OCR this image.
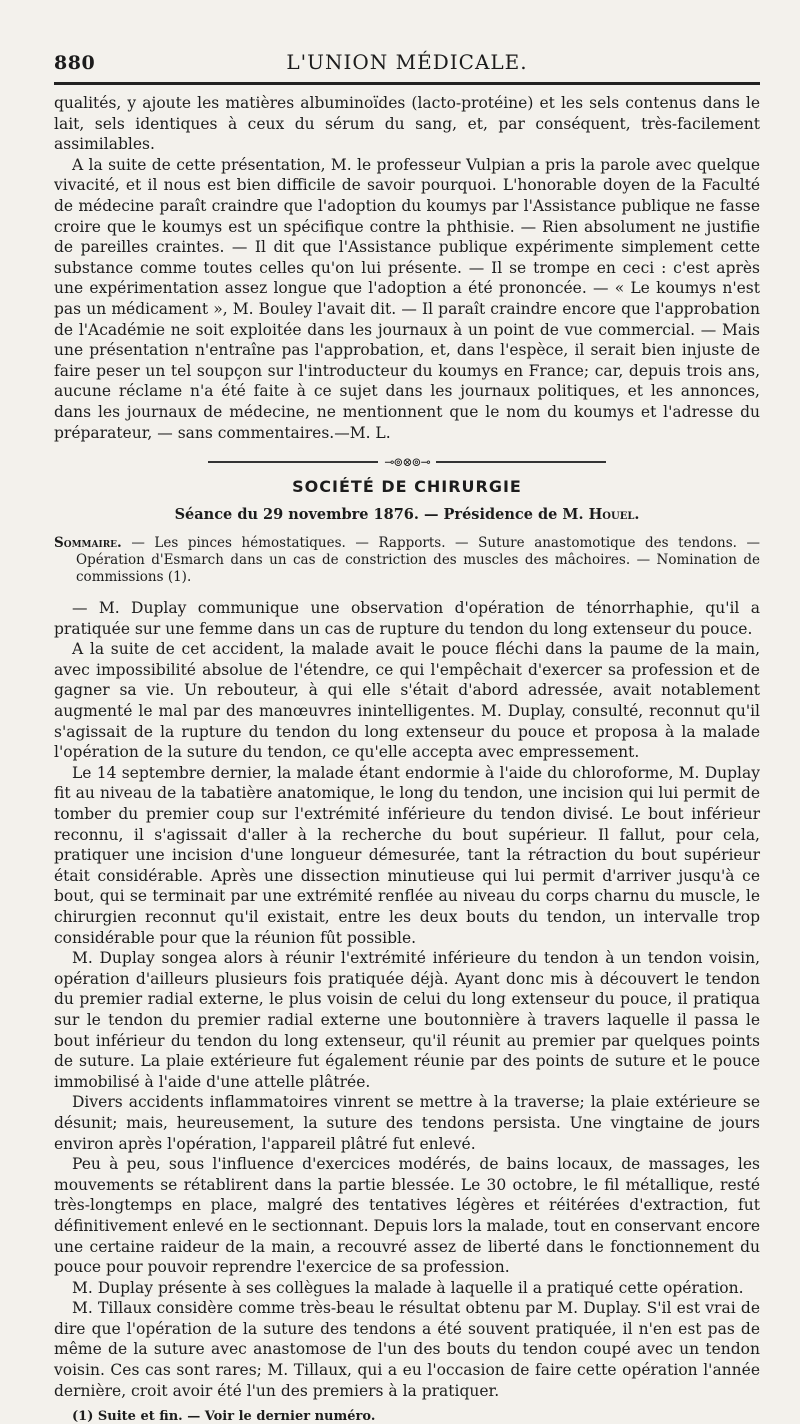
880	L'UNION MÉDICALE.

qualités, y ajoute les matières albuminoïdes (lacto-protéine) et les sels contenus dans le lait, sels identiques à ceux du sérum du sang, et, par conséquent, très-facilement assimilables.

A la suite de cette présentation, M. le professeur Vulpian a pris la parole avec quelque vivacité, et il nous est bien difficile de savoir pourquoi. L'honorable doyen de la Faculté de médecine paraît craindre que l'adoption du koumys par l'Assistance publique ne fasse croire que le koumys est un spécifique contre la phthisie. — Rien absolument ne justifie de pareilles craintes. — Il dit que l'Assistance publique expérimente simplement cette substance comme toutes celles qu'on lui présente. — Il se trompe en ceci : c'est après une expérimentation assez longue que l'adoption a été prononcée. — « Le koumys n'est pas un médicament », M. Bouley l'avait dit. — Il paraît craindre encore que l'approbation de l'Académie ne soit exploitée dans les journaux à un point de vue commercial. — Mais une présentation n'entraîne pas l'approbation, et, dans l'espèce, il serait bien injuste de faire peser un tel soupçon sur l'introducteur du koumys en France; car, depuis trois ans, aucune réclame n'a été faite à ce sujet dans les journaux politiques, et les annonces, dans les journaux de médecine, ne mentionnent que le nom du koumys et l'adresse du préparateur, — sans commentaires.—M. L.

⊸⊚⊗⊚⊸
SOCIÉTÉ DE CHIRURGIE
Séance du 29 novembre 1876. — Présidence de M. Houel.
Sommaire. — Les pinces hémostatiques. — Rapports. — Suture anastomotique des tendons. — Opération d'Esmarch dans un cas de constriction des muscles des mâchoires. — Nomination de commissions (1).

— M. Duplay communique une observation d'opération de ténorrhaphie, qu'il a pratiquée sur une femme dans un cas de rupture du tendon du long extenseur du pouce.

A la suite de cet accident, la malade avait le pouce fléchi dans la paume de la main, avec impossibilité absolue de l'étendre, ce qui l'empêchait d'exercer sa profession et de gagner sa vie. Un rebouteur, à qui elle s'était d'abord adressée, avait notablement augmenté le mal par des manœuvres inintelligentes. M. Duplay, consulté, reconnut qu'il s'agissait de la rupture du tendon du long extenseur du pouce et proposa à la malade l'opération de la suture du tendon, ce qu'elle accepta avec empressement.

Le 14 septembre dernier, la malade étant endormie à l'aide du chloroforme, M. Duplay fit au niveau de la tabatière anatomique, le long du tendon, une incision qui lui permit de tomber du premier coup sur l'extrémité inférieure du tendon divisé. Le bout inférieur reconnu, il s'agissait d'aller à la recherche du bout supérieur. Il fallut, pour cela, pratiquer une incision d'une longueur démesurée, tant la rétraction du bout supérieur était considérable. Après une dissection minutieuse qui lui permit d'arriver jusqu'à ce bout, qui se terminait par une extrémité renflée au niveau du corps charnu du muscle, le chirurgien reconnut qu'il existait, entre les deux bouts du tendon, un intervalle trop considérable pour que la réunion fût possible.

M. Duplay songea alors à réunir l'extrémité inférieure du tendon à un tendon voisin, opération d'ailleurs plusieurs fois pratiquée déjà. Ayant donc mis à découvert le tendon du premier radial externe, le plus voisin de celui du long extenseur du pouce, il pratiqua sur le tendon du premier radial externe une boutonnière à travers laquelle il passa le bout inférieur du tendon du long extenseur, qu'il réunit au premier par quelques points de suture. La plaie extérieure fut également réunie par des points de suture et le pouce immobilisé à l'aide d'une attelle plâtrée.

Divers accidents inflammatoires vinrent se mettre à la traverse; la plaie extérieure se désunit; mais, heureusement, la suture des tendons persista. Une vingtaine de jours environ après l'opération, l'appareil plâtré fut enlevé.

Peu à peu, sous l'influence d'exercices modérés, de bains locaux, de massages, les mouvements se rétablirent dans la partie blessée. Le 30 octobre, le fil métallique, resté très-longtemps en place, malgré des tentatives légères et réitérées d'extraction, fut définitivement enlevé en le sectionnant. Depuis lors la malade, tout en conservant encore une certaine raideur de la main, a recouvré assez de liberté dans le fonctionnement du pouce pour pouvoir reprendre l'exercice de sa profession.

M. Duplay présente à ses collègues la malade à laquelle il a pratiqué cette opération.

M. Tillaux considère comme très-beau le résultat obtenu par M. Duplay. S'il est vrai de dire que l'opération de la suture des tendons a été souvent pratiquée, il n'en est pas de même de la suture avec anastomose de l'un des bouts du tendon coupé avec un tendon voisin. Ces cas sont rares; M. Tillaux, qui a eu l'occasion de faire cette opération l'année dernière, croit avoir été l'un des premiers à la pratiquer.

(1) Suite et fin. — Voir le dernier numéro.
